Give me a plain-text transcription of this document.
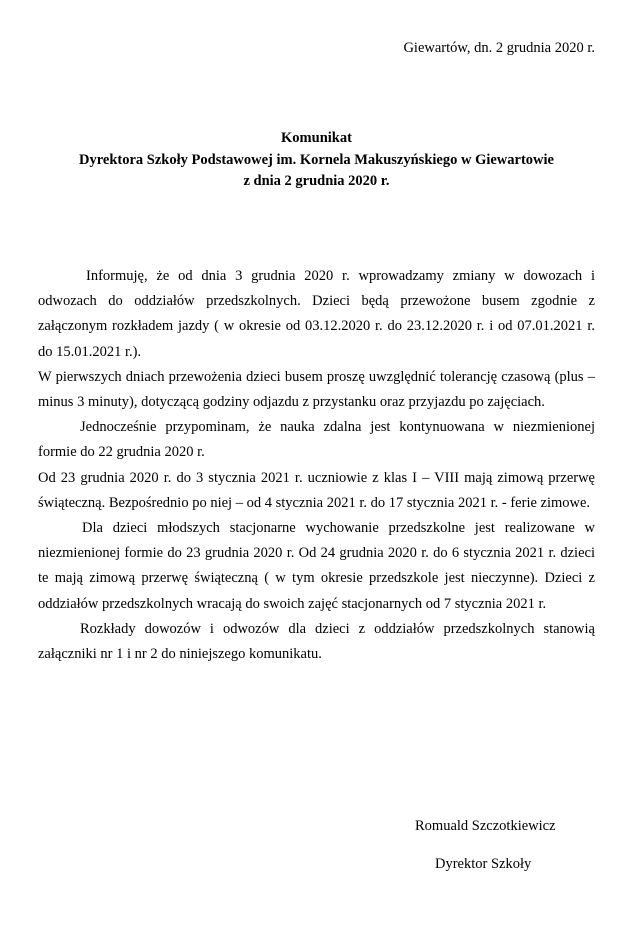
Giewartów, dn. 2 grudnia 2020 r.

Komunikat
Dyrektora Szkoły Podstawowej im. Kornela Makuszyńskiego w Giewartowie
z dnia 2 grudnia 2020 r.

Informuję, że od dnia 3 grudnia 2020 r. wprowadzamy zmiany w dowozach i odwozach do oddziałów przedszkolnych. Dzieci będą przewożone busem zgodnie z załączonym rozkładem jazdy ( w okresie od 03.12.2020 r. do 23.12.2020 r. i od 07.01.2021 r. do 15.01.2021 r.).

W pierwszych dniach przewożenia dzieci busem proszę uwzględnić tolerancję czasową (plus – minus 3 minuty), dotyczącą godziny odjazdu z przystanku oraz przyjazdu po zajęciach.

Jednocześnie przypominam, że nauka zdalna jest kontynuowana w niezmienionej formie do 22 grudnia 2020 r.

Od 23 grudnia 2020 r. do 3 stycznia 2021 r. uczniowie z klas I – VIII mają zimową przerwę świąteczną. Bezpośrednio po niej – od 4 stycznia 2021 r. do 17 stycznia 2021 r. - ferie zimowe.

Dla dzieci młodszych stacjonarne wychowanie przedszkolne jest realizowane w niezmienionej formie do 23 grudnia 2020 r. Od 24 grudnia 2020 r. do 6 stycznia 2021 r. dzieci te mają zimową przerwę świąteczną ( w tym okresie przedszkole jest nieczynne). Dzieci z oddziałów przedszkolnych wracają do swoich zajęć stacjonarnych od 7 stycznia 2021 r.

Rozkłady dowozów i odwozów dla dzieci z oddziałów przedszkolnych stanowią załączniki nr 1 i nr 2 do niniejszego komunikatu.

Romuald Szczotkiewicz

Dyrektor Szkoły
